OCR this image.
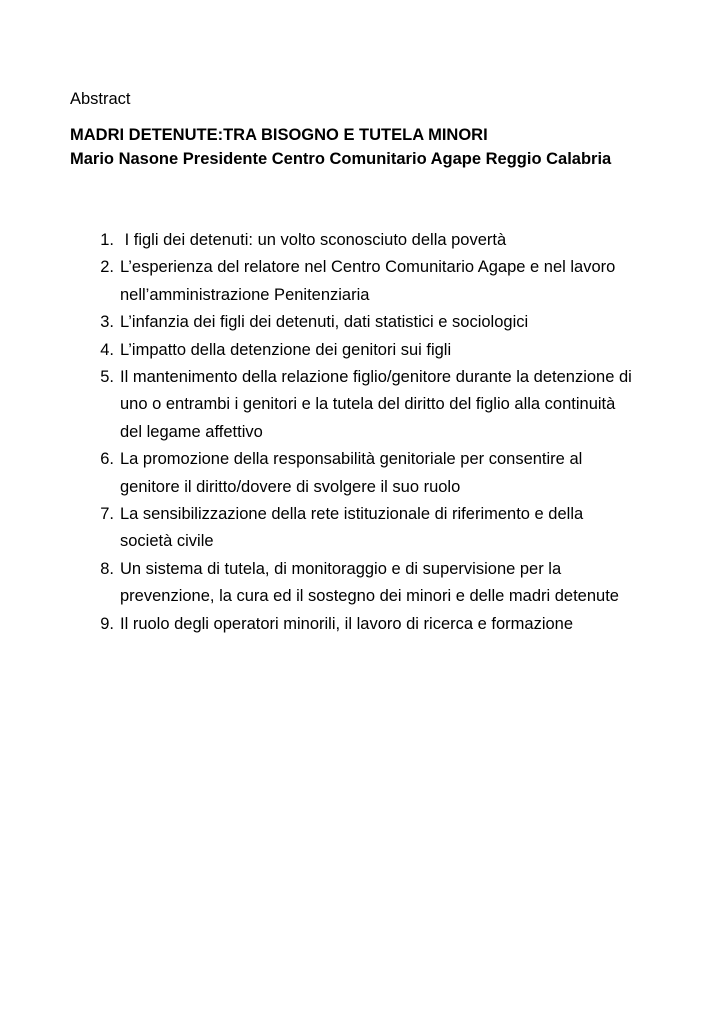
Abstract

MADRI DETENUTE:TRA BISOGNO E TUTELA MINORI

Mario Nasone Presidente Centro Comunitario Agape Reggio Calabria

1. I figli dei detenuti: un volto sconosciuto della povertà
2. L’esperienza del relatore nel Centro Comunitario Agape e nel lavoro nell’amministrazione Penitenziaria
3. L’infanzia dei figli dei detenuti, dati statistici e sociologici
4. L’impatto della detenzione dei genitori sui figli
5. Il mantenimento della relazione figlio/genitore durante la detenzione di uno o entrambi i genitori e la tutela del diritto del figlio alla continuità del legame affettivo
6. La promozione della responsabilità genitoriale per consentire al genitore il diritto/dovere di svolgere il suo ruolo
7. La sensibilizzazione della rete istituzionale di riferimento e della società civile
8. Un sistema di tutela, di monitoraggio e di supervisione per la prevenzione, la cura ed il sostegno dei minori e delle madri detenute
9. Il ruolo degli operatori minorili, il lavoro di ricerca e formazione
